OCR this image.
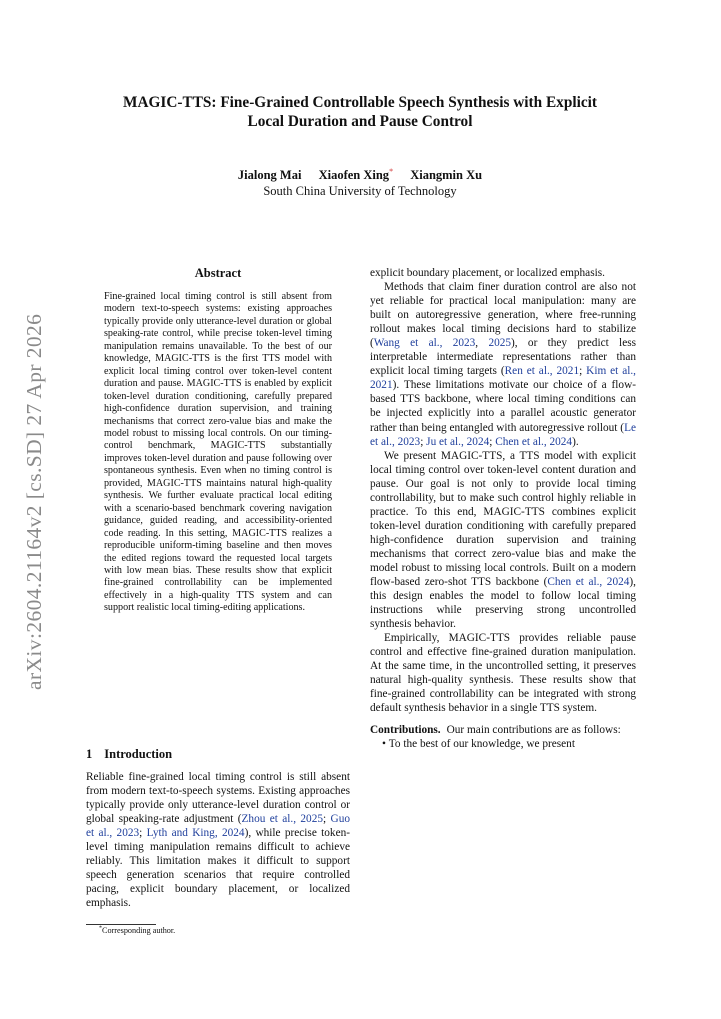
arXiv:2604.21164v2 [cs.SD] 27 Apr 2026
MAGIC-TTS: Fine-Grained Controllable Speech Synthesis with Explicit
Local Duration and Pause Control
Jialong Mai Xiaofen Xing* Xiangmin Xu
South China University of Technology
Abstract
Fine-grained local timing control is still absent from modern text-to-speech systems: existing approaches typically provide only utterance-level duration or global speaking-rate control, while precise token-level timing manipulation remains unavailable. To the best of our knowledge, MAGIC-TTS is the first TTS model with explicit local timing control over token-level content duration and pause. MAGIC-TTS is enabled by explicit token-level duration conditioning, carefully prepared high-confidence duration supervision, and training mechanisms that correct zero-value bias and make the model robust to missing local controls. On our timing-control benchmark, MAGIC-TTS substantially improves token-level duration and pause following over spontaneous synthesis. Even when no timing control is provided, MAGIC-TTS maintains natural high-quality synthesis. We further evaluate practical local editing with a scenario-based benchmark covering navigation guidance, guided reading, and accessibility-oriented code reading. In this setting, MAGIC-TTS realizes a reproducible uniform-timing baseline and then moves the edited regions toward the requested local targets with low mean bias. These results show that explicit fine-grained controllability can be implemented effectively in a high-quality TTS system and can support realistic local timing-editing applications.
1 Introduction

Reliable fine-grained local timing control is still absent from modern text-to-speech systems. Existing approaches typically provide only utterance-level duration control or global speaking-rate adjustment (Zhou et al., 2025; Guo et al., 2023; Lyth and King, 2024), while precise token-level timing manipulation remains difficult to achieve reliably. This limitation makes it difficult to support speech generation scenarios that require controlled pacing, explicit boundary placement, or localized emphasis.

explicit boundary placement, or localized emphasis.

Methods that claim finer duration control are also not yet reliable for practical local manipulation: many are built on autoregressive generation, where free-running rollout makes local timing decisions hard to stabilize (Wang et al., 2023, 2025), or they predict less interpretable intermediate representations rather than explicit local timing targets (Ren et al., 2021; Kim et al., 2021). These limitations motivate our choice of a flow-based TTS backbone, where local timing conditions can be injected explicitly into a parallel acoustic generator rather than being entangled with autoregressive rollout (Le et al., 2023; Ju et al., 2024; Chen et al., 2024).

We present MAGIC-TTS, a TTS model with explicit local timing control over token-level content duration and pause. Our goal is not only to provide local timing controllability, but to make such control highly reliable in practice. To this end, MAGIC-TTS combines explicit token-level duration conditioning with carefully prepared high-confidence duration supervision and training mechanisms that correct zero-value bias and make the model robust to missing local controls. Built on a modern flow-based zero-shot TTS backbone (Chen et al., 2024), this design enables the model to follow local timing instructions while preserving strong uncontrolled synthesis behavior.

Empirically, MAGIC-TTS provides reliable pause control and effective fine-grained duration manipulation. At the same time, in the uncontrolled setting, it preserves natural high-quality synthesis. These results show that fine-grained controllability can be integrated with strong default synthesis behavior in a single TTS system.

Contributions. Our main contributions are as follows:

• To the best of our knowledge, we present

*Corresponding author.
